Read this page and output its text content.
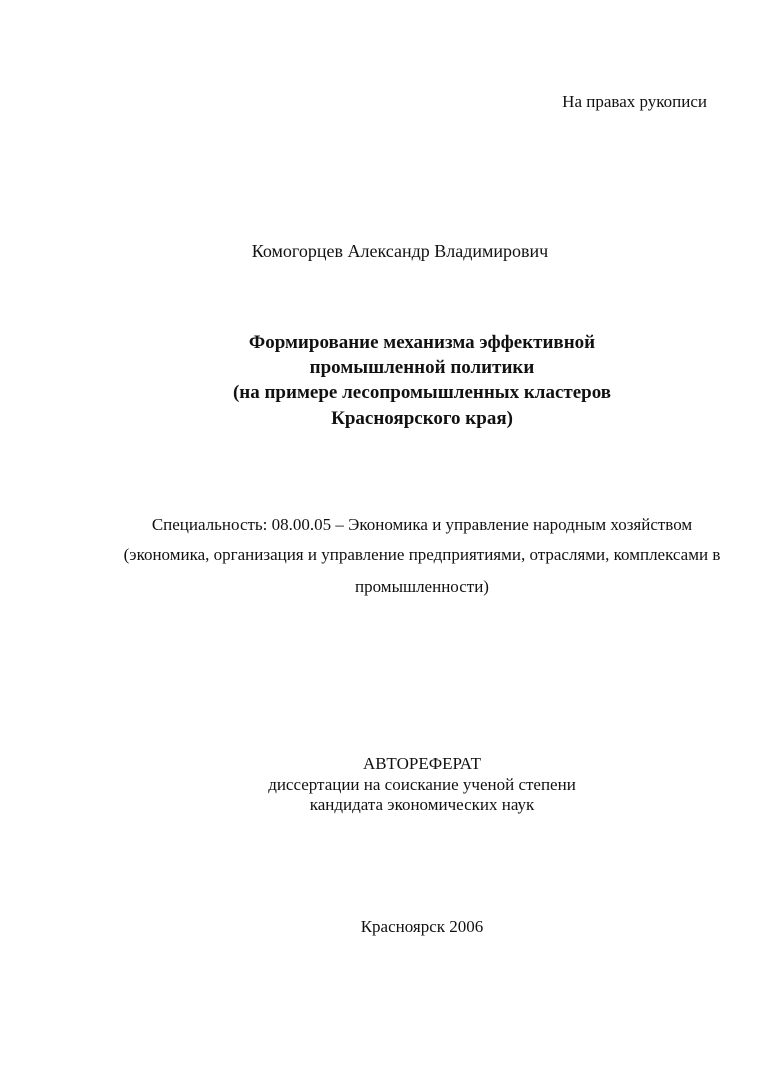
На правах рукописи
Комогорцев Александр Владимирович
Формирование механизма эффективной
промышленной политики
(на примере лесопромышленных кластеров
Красноярского края)
Специальность: 08.00.05 – Экономика и управление народным хозяйством
(экономика, организация и управление предприятиями, отраслями, комплексами в
промышленности)
АВТОРЕФЕРАТ
диссертации на соискание ученой степени
кандидата экономических наук
Красноярск 2006
